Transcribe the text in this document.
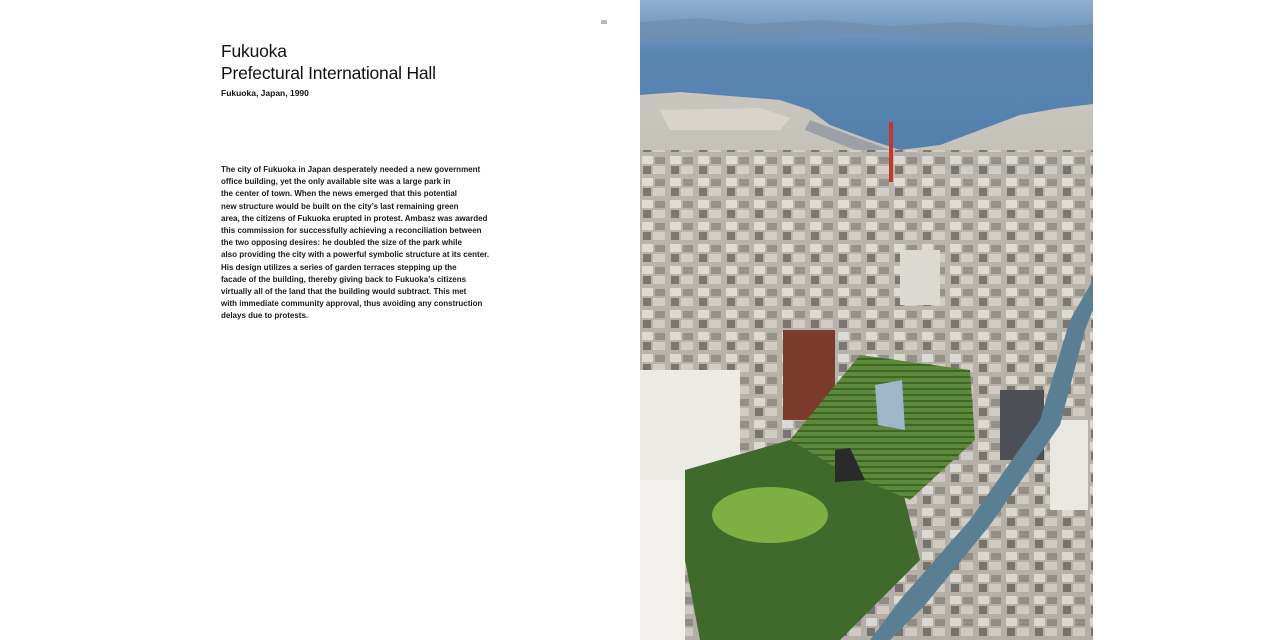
Fukuoka
Prefectural International Hall

Fukuoka, Japan, 1990

The city of Fukuoka in Japan desperately needed a new government
office building, yet the only available site was a large park in
the center of town. When the news emerged that this potential
new structure would be built on the city’s last remaining green
area, the citizens of Fukuoka erupted in protest. Ambasz was awarded
this commission for successfully achieving a reconciliation between
the two opposing desires: he doubled the size of the park while
also providing the city with a powerful symbolic structure at its center.
His design utilizes a series of garden terraces stepping up the
facade of the building, thereby giving back to Fukuoka’s citizens
virtually all of the land that the building would subtract. This met
with immediate community approval, thus avoiding any construction
delays due to protests.

88
